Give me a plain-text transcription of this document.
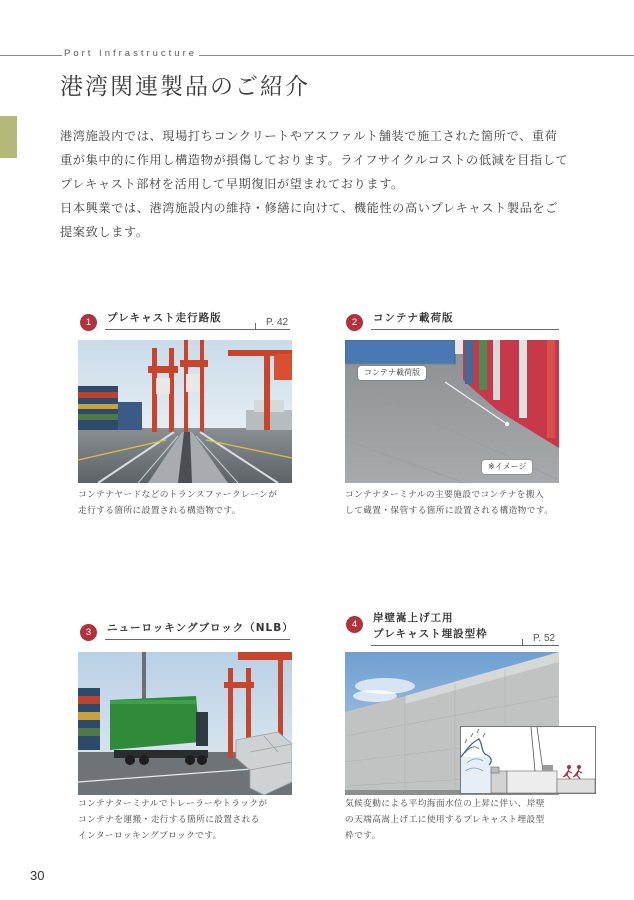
Port Infrastructure
港湾関連製品のご紹介

港湾施設内では、現場打ちコンクリートやアスファルト舗装で施工された箇所で、重荷

重が集中的に作用し構造物が損傷しております。ライフサイクルコストの低減を目指して

プレキャスト部材を活用して早期復旧が望まれております。

日本興業では、港湾施設内の維持・修繕に向けて、機能性の高いプレキャスト製品をご

提案致します。

1	プレキャスト走行路版	P. 42

コンテナヤードなどのトランスファークレーンが

走行する箇所に設置される構造物です。

2	コンテナ載荷版
コンテナ載荷版
※イメージ

コンテナターミナルの主要施設でコンテナを搬入

して蔵置・保管する箇所に設置される構造物です。

3	ニューロッキングブロック（NLB）

コンテナターミナルでトレーラーやトラックが

コンテナを運搬・走行する箇所に設置される

インターロッキングブロックです。

4
岸壁嵩上げ工用
プレキャスト埋設型枠	P. 52

気候変動による平均海面水位の上昇に伴い、岸壁

の天端高嵩上げ工に使用するプレキャスト埋設型

枠です。

30
